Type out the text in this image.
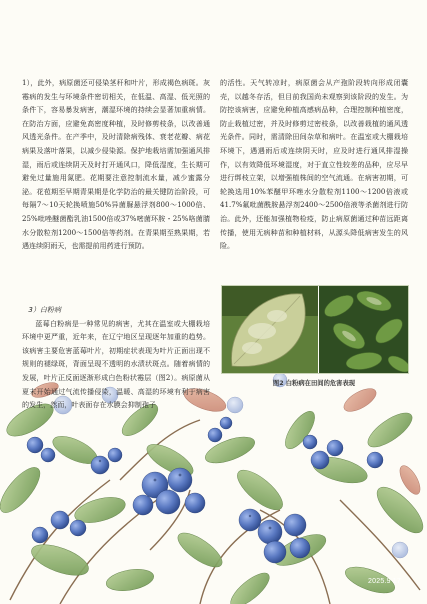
1），此外，病原菌还可侵染茎秆和叶片，形成褐色病斑。灰霉病的发生与环境条件密切相关，在低温、高湿、低光照的条件下，容易暴发病害，潮湿环境的持续会显著加重病情。在防治方面，应避免高密度种植，及时修剪枝条，以改善通风透光条件。在产季中，及时清除病残体、衰老花瓣、病花病果及落叶落果，以减少侵染源。保护地栽培需加强通风排湿，雨后或连续阴天及时打开通风口，降低湿度，生长期可避免过量施用氮肥。花期要注意控制流水量，减少蜜露分泌。花苞期至早期青果期是化学防治的最关键防治阶段，可每隔7～10天轮换喷施50%异菌脲悬浮剂800～1000倍、25%吡唑醚菌酯乳油1500倍或37%嘧菌环胺・25%咯菌腈水分散粒剂1200～1500倍等药剂。在青果期至熟果期，若遇连续阴雨天，也需提前用药进行预防。

3）白粉病

蓝莓白粉病是一种常见的病害，尤其在温室或大棚栽培环境中更严重，近年来，在辽宁地区呈现逐年加重的趋势。该病害主要危害蓝莓叶片，初期症状表现为叶片正面出现不规则的褪绿斑，背面呈现不透明的水渍状斑点。随着病情的发展，叶片正反面逐渐形成白色粉状霉层（图2）。病原菌从夏末开始通过气流传播侵染，温暖、高湿的环境有利于病害的发生，然而，叶表面存在水膜会抑制孢子

的活性。天气转凉时，病原菌会从产孢阶段转向形成闭囊壳，以越冬存活，但目前我国尚未观察到该阶段的发生。为防控该病害，应避免种植高感病品种，合理控制种植密度，防止栽植过密，并及时修剪过密枝条，以改善栽植的通风透光条件。同时，需清除田间杂草和病叶。在温室或大棚栽培环境下，遇遇雨后或连续阴天时，应及时进行通风排湿操作，以有效降低环境湿度，对于直立性较差的品种，应尽早进行绑枝立架，以增强植株间的空气流通。在病害初期，可轮换选用10%苯醚甲环唑水分散粒剂1100～1200倍液或41.7%氟吡菌酰胺悬浮剂2400～2500倍液等杀菌剂进行防治。此外，还能加强植物检疫，防止病原菌通过种苗远距离传播，使用无病种苗和种植材料，从源头降低病害发生的风险。

图2 白粉病在田间的危害表现
2025.9 17
